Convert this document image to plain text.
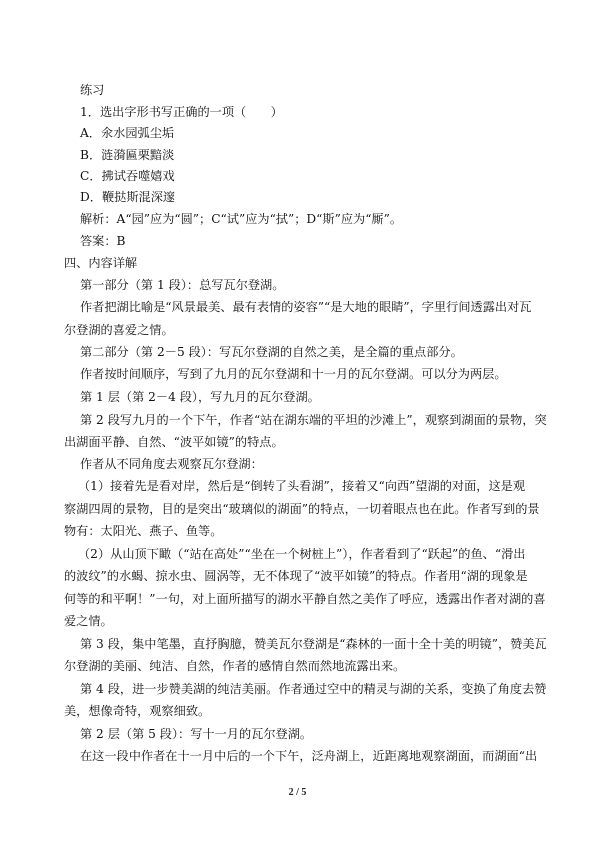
练习
1．选出字形书写正确的一项（　　）
A．氽水园弧尘垢
B．涟漪匾栗黯淡
C．拂试吞噬嬉戏
D．鞭挞斯混深邃
解析：A“园”应为“圆”；C“试”应为“拭”；D“斯”应为“厮”。
答案：B
四、内容详解
第一部分（第 1 段）：总写瓦尔登湖。
作者把湖比喻是“风景最美、最有表情的姿容”“是大地的眼睛”，字里行间透露出对瓦
尔登湖的喜爱之情。
第二部分（第 2－5 段）：写瓦尔登湖的自然之美，是全篇的重点部分。
作者按时间顺序，写到了九月的瓦尔登湖和十一月的瓦尔登湖。可以分为两层。
第 1 层（第 2－4 段），写九月的瓦尔登湖。
第 2 段写九月的一个下午，作者“站在湖东端的平坦的沙滩上”，观察到湖面的景物，突
出湖面平静、自然、“波平如镜”的特点。
作者从不同角度去观察瓦尔登湖：
（1）接着先是看对岸，然后是“倒转了头看湖”，接着又“向西”望湖的对面，这是观
察湖四周的景物，目的是突出“玻璃似的湖面”的特点，一切着眼点也在此。作者写到的景
物有：太阳光、燕子、鱼等。
（2）从山顶下瞰（“站在高处”“坐在一个树桩上”），作者看到了“跃起”的鱼、“滑出
的波纹”的水蝎、掠水虫、圆涡等，无不体现了“波平如镜”的特点。作者用“湖的现象是
何等的和平啊！”一句，对上面所描写的湖水平静自然之美作了呼应，透露出作者对湖的喜
爱之情。
第 3 段，集中笔墨，直抒胸臆，赞美瓦尔登湖是“森林的一面十全十美的明镜”，赞美瓦
尔登湖的美丽、纯洁、自然，作者的感情自然而然地流露出来。
第 4 段，进一步赞美湖的纯洁美丽。作者通过空中的精灵与湖的关系，变换了角度去赞
美，想像奇特，观察细致。
第 2 层（第 5 段）：写十一月的瓦尔登湖。
在这一段中作者在十一月中后的一个下午，泛舟湖上，近距离地观察湖面，而湖面“出
2 / 5
